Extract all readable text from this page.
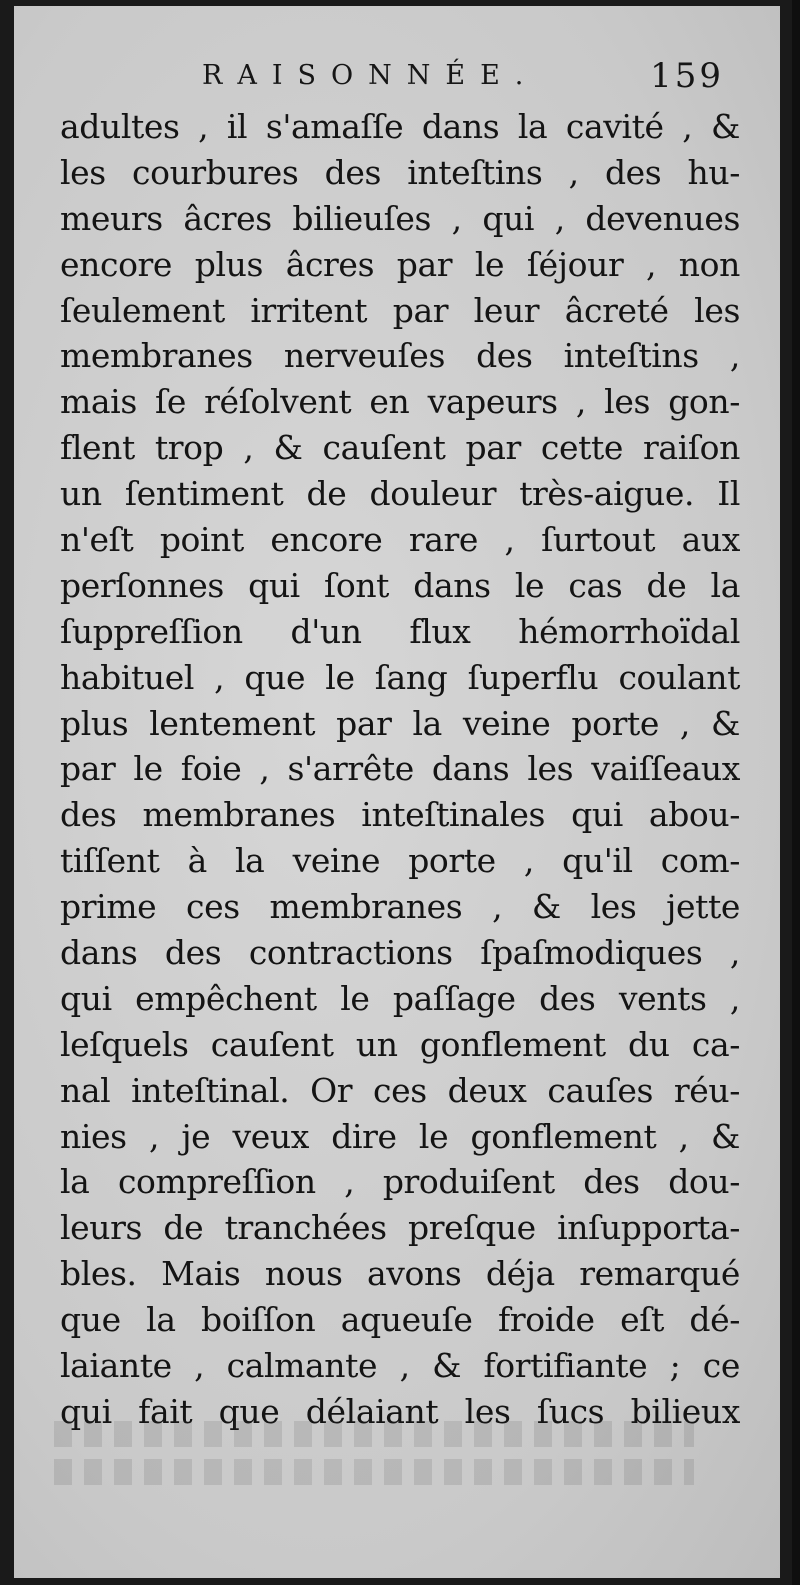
RAISONNÉE.	159
adultes , il s'amaſſe dans la cavité , &
les courbures des inteſtins , des hu-
meurs âcres bilieuſes , qui , devenues
encore plus âcres par le ſéjour , non
ſeulement irritent par leur âcreté les
membranes nerveuſes des inteſtins ,
mais ſe réſolvent en vapeurs , les gon-
flent trop , & cauſent par cette raiſon
un ſentiment de douleur très-aigue. Il
n'eſt point encore rare , ſurtout aux
perſonnes qui ſont dans le cas de la
ſuppreſſion d'un flux hémorrhoïdal
habituel , que le ſang ſuperflu coulant
plus lentement par la veine porte , &
par le foie , s'arrête dans les vaiſſeaux
des membranes inteſtinales qui abou-
tiſſent à la veine porte , qu'il com-
prime ces membranes , & les jette
dans des contractions ſpaſmodiques ,
qui empêchent le paſſage des vents ,
leſquels cauſent un gonflement du ca-
nal inteſtinal. Or ces deux cauſes réu-
nies , je veux dire le gonflement , &
la compreſſion , produiſent des dou-
leurs de tranchées preſque inſupporta-
bles. Mais nous avons déja remarqué
que la boiſſon aqueuſe froide eſt dé-
laiante , calmante , & fortifiante ; ce
qui fait que délaiant les ſucs bilieux
